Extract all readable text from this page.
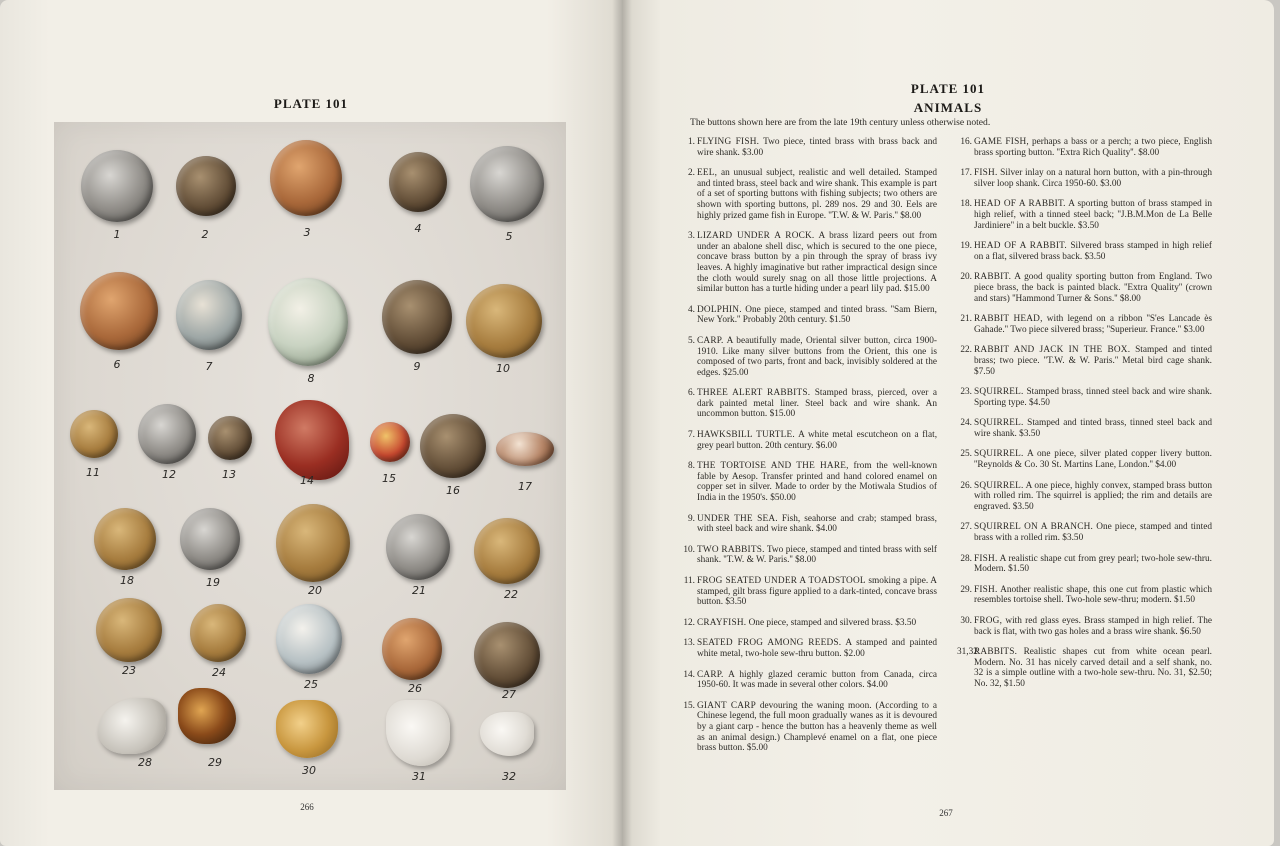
PLATE 101
1	2	3	4
5
6	7
8
9	10
11	12	13	14	15
16	17
18	19
20	21	22
23	24
25	26	27
28	29
30	31	32
266
PLATE 101
ANIMALS
The buttons shown here are from the late 19th century unless otherwise noted.
1. FLYING FISH. Two piece, tinted brass with brass back and wire shank. $3.00
2. EEL, an unusual subject, realistic and well detailed. Stamped and tinted brass, steel back and wire shank. This example is part of a set of sporting buttons with fishing subjects; two others are shown with sporting buttons, pl. 289 nos. 29 and 30. Eels are highly prized game fish in Europe. ''T.W. & W. Paris.'' $8.00
3. LIZARD UNDER A ROCK. A brass lizard peers out from under an abalone shell disc, which is secured to the one piece, concave brass button by a pin through the spray of brass ivy leaves. A highly imaginative but rather impractical design since the cloth would surely snag on all those little projections. A similar button has a turtle hiding under a pearl lily pad. $15.00
4. DOLPHIN. One piece, stamped and tinted brass. ''Sam Biern, New York.'' Probably 20th century. $1.50
5. CARP. A beautifully made, Oriental silver button, circa 1900-1910. Like many silver buttons from the Orient, this one is composed of two parts, front and back, invisibly soldered at the edges. $25.00
6. THREE ALERT RABBITS. Stamped brass, pierced, over a dark painted metal liner. Steel back and wire shank. An uncommon button. $15.00
7. HAWKSBILL TURTLE. A white metal escutcheon on a flat, grey pearl button. 20th century. $6.00
8. THE TORTOISE AND THE HARE, from the well-known fable by Aesop. Transfer printed and hand colored enamel on copper set in silver. Made to order by the Motiwala Studios of India in the 1950's. $50.00
9. UNDER THE SEA. Fish, seahorse and crab; stamped brass, with steel back and wire shank. $4.00
10. TWO RABBITS. Two piece, stamped and tinted brass with self shank. ''T.W. & W. Paris.'' $8.00
11. FROG SEATED UNDER A TOADSTOOL smoking a pipe. A stamped, gilt brass figure applied to a dark-tinted, concave brass button. $3.50
12. CRAYFISH. One piece, stamped and silvered brass. $3.50
13. SEATED FROG AMONG REEDS. A stamped and painted white metal, two-hole sew-thru button. $2.00
14. CARP. A highly glazed ceramic button from Canada, circa 1950-60. It was made in several other colors. $4.00
15. GIANT CARP devouring the waning moon. (According to a Chinese legend, the full moon gradually wanes as it is devoured by a giant carp - hence the button has a heavenly theme as well as an animal design.) Champlevé enamel on a flat, one piece brass button. $5.00
16. GAME FISH, perhaps a bass or a perch; a two piece, English brass sporting button. ''Extra Rich Quality''. $8.00
17. FISH. Silver inlay on a natural horn button, with a pin-through silver loop shank. Circa 1950-60. $3.00
18. HEAD OF A RABBIT. A sporting button of brass stamped in high relief, with a tinned steel back; ''J.B.M.Mon de La Belle Jardiniere'' in a belt buckle. $3.50
19. HEAD OF A RABBIT. Silvered brass stamped in high relief on a flat, silvered brass back. $3.50
20. RABBIT. A good quality sporting button from England. Two piece brass, the back is painted black. ''Extra Quality'' (crown and stars) ''Hammond Turner & Sons.'' $8.00
21. RABBIT HEAD, with legend on a ribbon ''S'es Lancade ès Gahade.'' Two piece silvered brass; ''Superieur. France.'' $3.00
22. RABBIT AND JACK IN THE BOX. Stamped and tinted brass; two piece. ''T.W. & W. Paris.'' Metal bird cage shank. $7.50
23. SQUIRREL. Stamped brass, tinned steel back and wire shank. Sporting type. $4.50
24. SQUIRREL. Stamped and tinted brass, tinned steel back and wire shank. $3.50
25. SQUIRREL. A one piece, silver plated copper livery button. ''Reynolds & Co. 30 St. Martins Lane, London.'' $4.00
26. SQUIRREL. A one piece, highly convex, stamped brass button with rolled rim. The squirrel is applied; the rim and details are engraved. $3.50
27. SQUIRREL ON A BRANCH. One piece, stamped and tinted brass with a rolled rim. $3.50
28. FISH. A realistic shape cut from grey pearl; two-hole sew-thru. Modern. $1.50
29. FISH. Another realistic shape, this one cut from plastic which resembles tortoise shell. Two-hole sew-thru; modern. $1.50
30. FROG, with red glass eyes. Brass stamped in high relief. The back is flat, with two gas holes and a brass wire shank. $6.50
31,32.
RABBITS. Realistic shapes cut from white ocean pearl. Modern. No. 31 has nicely carved detail and a self shank, no. 32 is a simple outline with a two-hole sew-thru. No. 31, $2.50; No. 32, $1.50
267
